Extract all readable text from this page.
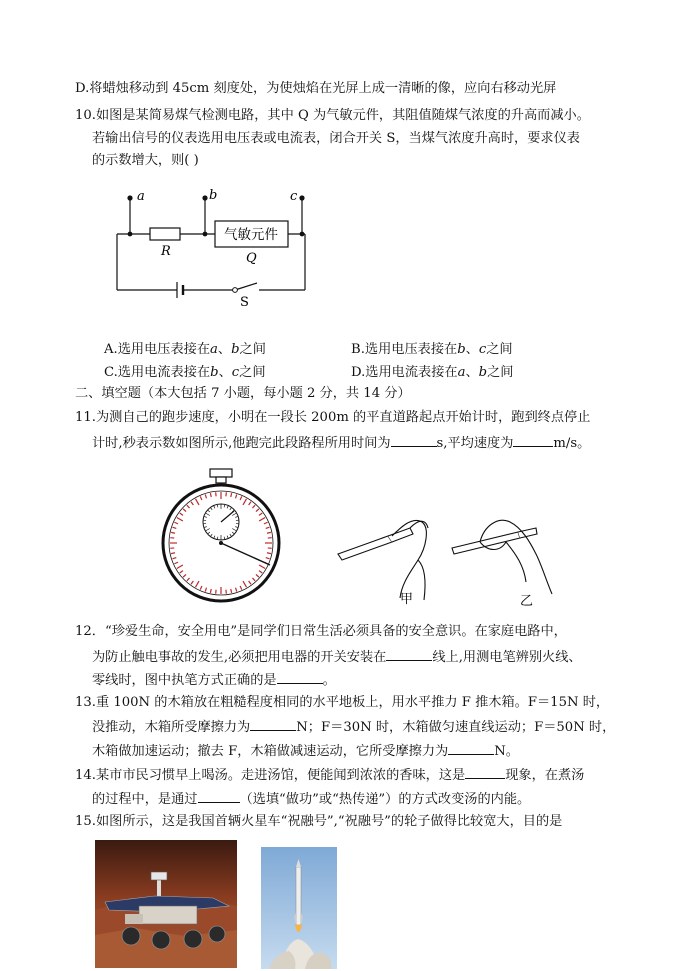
D.将蜡烛移动到 45cm 刻度处，为使烛焰在光屏上成一清晰的像，应向右移动光屏
10.如图是某简易煤气检测电路，其中 Q 为气敏元件，其阻值随煤气浓度的升高而减小。
若输出信号的仪表选用电压表或电流表，闭合开关 S，当煤气浓度升高时，要求仪表
的示数增大，则( )
a	b	c
R
气敏元件
Q
S
A.选用电压表接在a、b之间	B.选用电压表接在b、c之间
C.选用电流表接在b、c之间	D.选用电流表接在a、b之间
二、填空题（本大包括 7 小题，每小题 2 分，共 14 分）
11.为测自己的跑步速度，小明在一段长 200m 的平直道路起点开始计时，跑到终点停止
计时,秒表示数如图所示,他跑完此段路程所用时间为	s,平均速度为	m/s。
甲	乙
12．“珍爱生命，安全用电”是同学们日常生活必须具备的安全意识。在家庭电路中，
为防止触电事故的发生,必须把用电器的开关安装在	线上,用测电笔辨别火线、
零线时，图中执笔方式正确的是	。
13.重 100N 的木箱放在粗糙程度相同的水平地板上，用水平推力 F 推木箱。F＝15N 时，
没推动，木箱所受摩擦力为	N；F＝30N 时，木箱做匀速直线运动；F＝50N 时，
木箱做加速运动；撤去 F，木箱做减速运动，它所受摩擦力为	N。
14.某市市民习惯早上喝汤。走进汤馆，便能闻到浓浓的香味，这是	现象，在煮汤
的过程中，是通过	（选填“做功”或“热传递”）的方式改变汤的内能。
15.如图所示，这是我国首辆火星车“祝融号”,“祝融号”的轮子做得比较宽大，目的是
